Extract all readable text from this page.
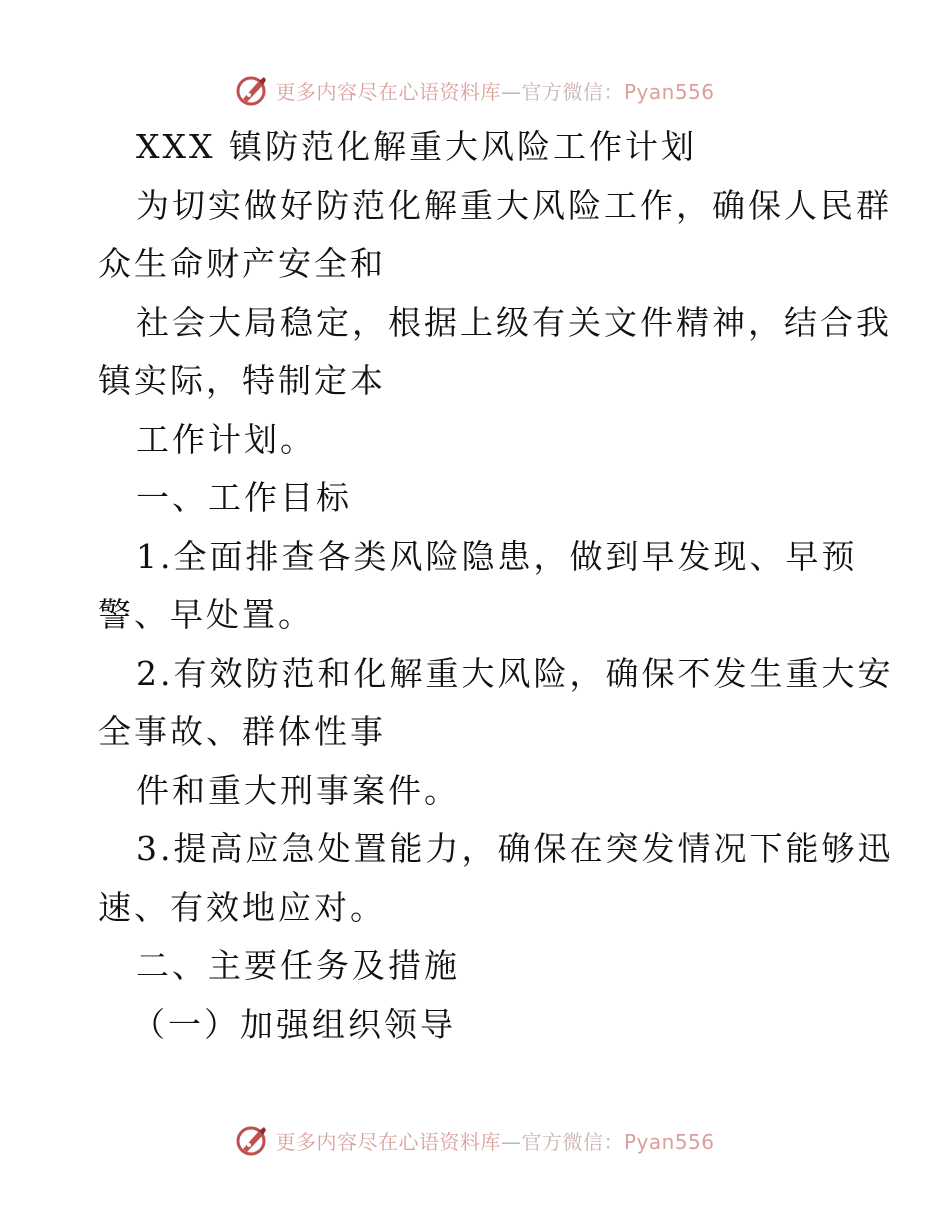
更多内容尽在心语资料库—官方微信：Pyan556
XXX 镇防范化解重大风险工作计划
为切实做好防范化解重大风险工作，确保人民群
众生命财产安全和
社会大局稳定，根据上级有关文件精神，结合我
镇实际，特制定本
工作计划。
一、工作目标
1.全面排查各类风险隐患，做到早发现、早预
警、早处置。
2.有效防范和化解重大风险，确保不发生重大安
全事故、群体性事
件和重大刑事案件。
3.提高应急处置能力，确保在突发情况下能够迅
速、有效地应对。
二、主要任务及措施
（一）加强组织领导
更多内容尽在心语资料库—官方微信：Pyan556
